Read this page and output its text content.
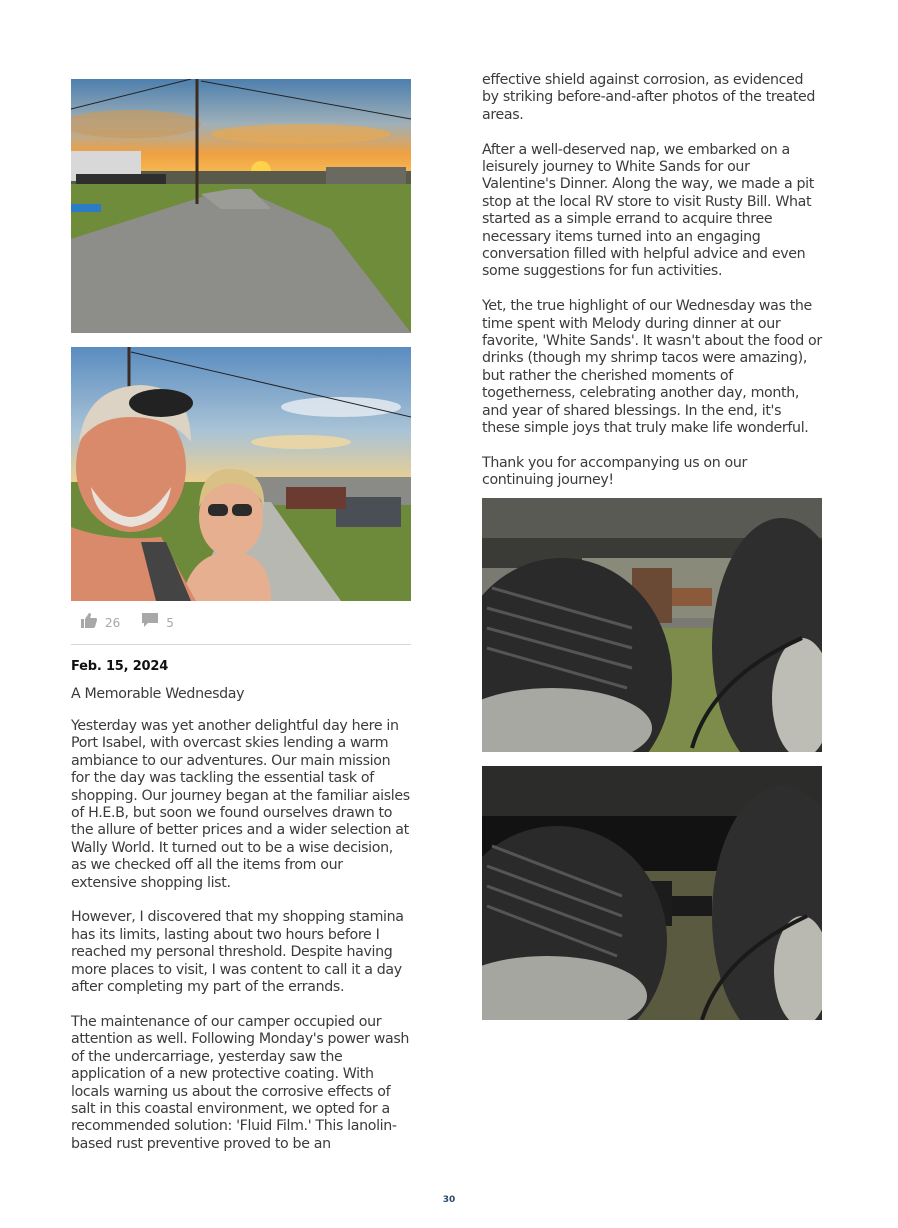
26	5
Feb. 15, 2024
A Memorable Wednesday

Yesterday was yet another delightful day here in Port Isabel, with overcast skies lending a warm ambiance to our adventures. Our main mission for the day was tackling the essential task of shopping. Our journey began at the familiar aisles of H.E.B, but soon we found ourselves drawn to the allure of better prices and a wider selection at Wally World. It turned out to be a wise decision, as we checked off all the items from our extensive shopping list.

However, I discovered that my shopping stamina has its limits, lasting about two hours before I reached my personal threshold. Despite having more places to visit, I was content to call it a day after completing my part of the errands.

The maintenance of our camper occupied our attention as well. Following Monday's power wash of the undercarriage, yesterday saw the application of a new protective coating. With locals warning us about the corrosive effects of salt in this coastal environment, we opted for a recommended solution: 'Fluid Film.' This lanolin-based rust preventive proved to be an

effective shield against corrosion, as evidenced by striking before-and-after photos of the treated areas.

After a well-deserved nap, we embarked on a leisurely journey to White Sands for our Valentine's Dinner. Along the way, we made a pit stop at the local RV store to visit Rusty Bill. What started as a simple errand to acquire three necessary items turned into an engaging conversation filled with helpful advice and even some suggestions for fun activities.

Yet, the true highlight of our Wednesday was the time spent with Melody during dinner at our favorite, 'White Sands'. It wasn't about the food or drinks (though my shrimp tacos were amazing), but rather the cherished moments of togetherness, celebrating another day, month, and year of shared blessings. In the end, it's these simple joys that truly make life wonderful.

Thank you for accompanying us on our continuing journey!

30
